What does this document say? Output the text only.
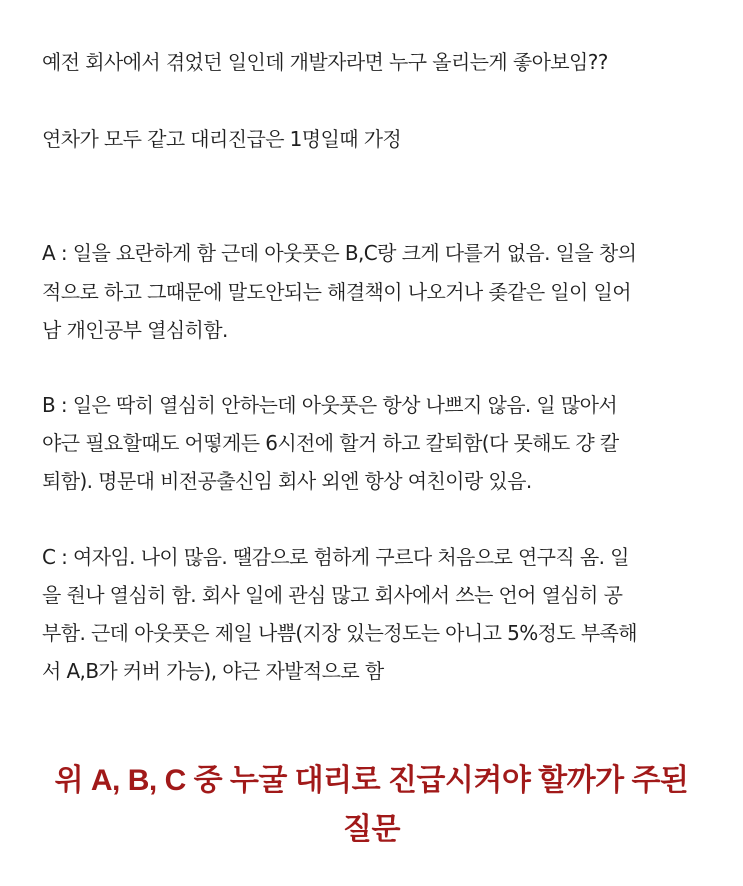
예전 회사에서 겪었던 일인데 개발자라면 누구 올리는게 좋아보임??
연차가 모두 같고 대리진급은 1명일때 가정
A : 일을 요란하게 함 근데 아웃풋은 B,C랑 크게 다를거 없음. 일을 창의
적으로 하고 그때문에 말도안되는 해결책이 나오거나 좆같은 일이 일어
남 개인공부 열심히함.
B : 일은 딱히 열심히 안하는데 아웃풋은 항상 나쁘지 않음. 일 많아서
야근 필요할때도 어떻게든 6시전에 할거 하고 칼퇴함(다 못해도 걍 칼
퇴함). 명문대 비전공출신임 회사 외엔 항상 여친이랑 있음.
C : 여자임. 나이 많음. 땔감으로 험하게 구르다 처음으로 연구직 옴. 일
을 줜나 열심히 함. 회사 일에 관심 많고 회사에서 쓰는 언어 열심히 공
부함. 근데 아웃풋은 제일 나쁨(지장 있는정도는 아니고 5%정도 부족해
서 A,B가 커버 가능), 야근 자발적으로 함
위 A, B, C 중 누굴 대리로 진급시켜야 할까가 주된
질문
